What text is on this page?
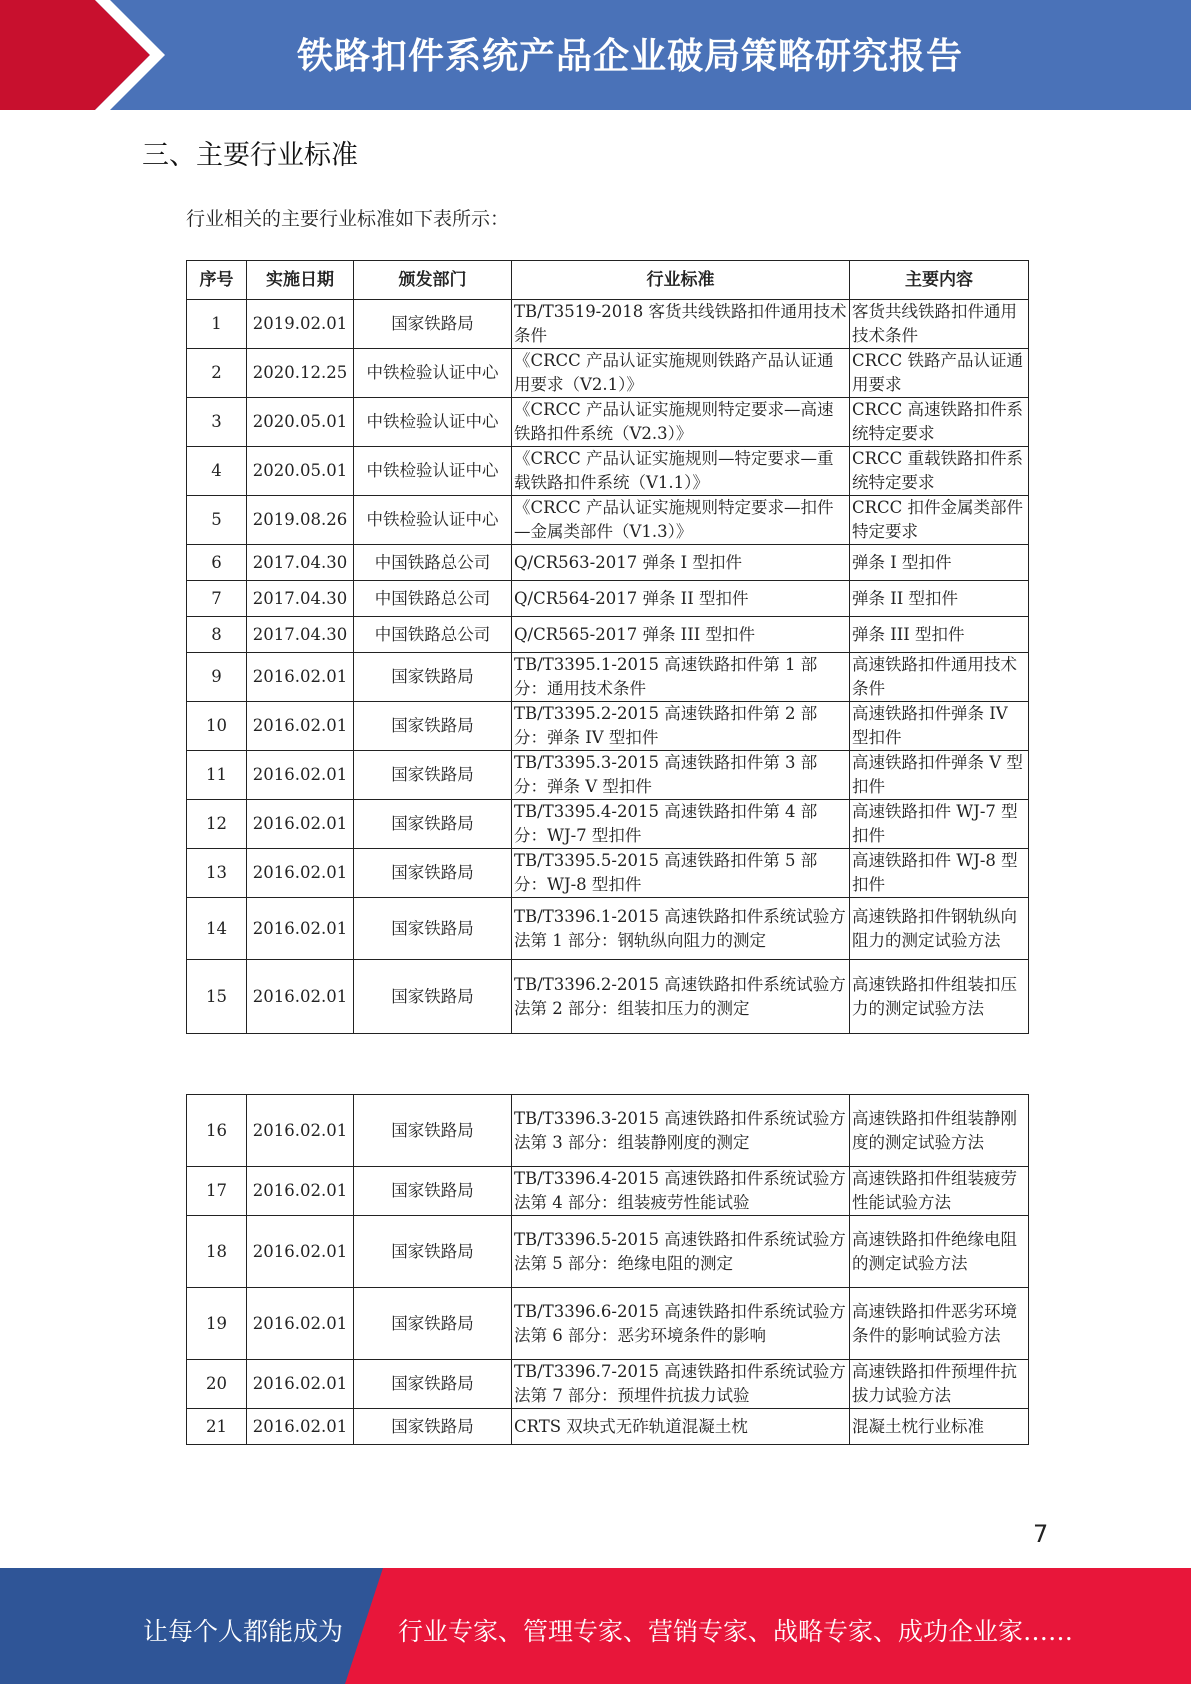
铁路扣件系统产品企业破局策略研究报告
三、主要行业标准
行业相关的主要行业标准如下表所示：
序号	实施日期	颁发部门	行业标准	主要内容
1	2019.02.01	国家铁路局	TB/T3519-2018 客货共线铁路扣件通用技术条件	客货共线铁路扣件通用技术条件
2	2020.12.25	中铁检验认证中心	《CRCC 产品认证实施规则铁路产品认证通用要求（V2.1）》	CRCC 铁路产品认证通用要求
3	2020.05.01	中铁检验认证中心	《CRCC 产品认证实施规则特定要求—高速铁路扣件系统（V2.3）》	CRCC 高速铁路扣件系统特定要求
4	2020.05.01	中铁检验认证中心	《CRCC 产品认证实施规则—特定要求—重载铁路扣件系统（V1.1）》	CRCC 重载铁路扣件系统特定要求
5	2019.08.26	中铁检验认证中心	《CRCC 产品认证实施规则特定要求—扣件—金属类部件（V1.3）》	CRCC 扣件金属类部件特定要求
6	2017.04.30	中国铁路总公司	Q/CR563-2017 弹条 I 型扣件	弹条 I 型扣件
7	2017.04.30	中国铁路总公司	Q/CR564-2017 弹条 II 型扣件	弹条 II 型扣件
8	2017.04.30	中国铁路总公司	Q/CR565-2017 弹条 III 型扣件	弹条 III 型扣件
9	2016.02.01	国家铁路局	TB/T3395.1-2015 高速铁路扣件第 1 部分：通用技术条件	高速铁路扣件通用技术条件
10	2016.02.01	国家铁路局	TB/T3395.2-2015 高速铁路扣件第 2 部分：弹条 IV 型扣件	高速铁路扣件弹条 IV 型扣件
11	2016.02.01	国家铁路局	TB/T3395.3-2015 高速铁路扣件第 3 部分：弹条 V 型扣件	高速铁路扣件弹条 V 型扣件
12	2016.02.01	国家铁路局	TB/T3395.4-2015 高速铁路扣件第 4 部分：WJ-7 型扣件	高速铁路扣件 WJ-7 型扣件
13	2016.02.01	国家铁路局	TB/T3395.5-2015 高速铁路扣件第 5 部分：WJ-8 型扣件	高速铁路扣件 WJ-8 型扣件
14	2016.02.01	国家铁路局	TB/T3396.1-2015 高速铁路扣件系统试验方法第 1 部分：钢轨纵向阻力的测定	高速铁路扣件钢轨纵向阻力的测定试验方法
15	2016.02.01	国家铁路局	TB/T3396.2-2015 高速铁路扣件系统试验方法第 2 部分：组装扣压力的测定	高速铁路扣件组装扣压力的测定试验方法
16	2016.02.01	国家铁路局	TB/T3396.3-2015 高速铁路扣件系统试验方法第 3 部分：组装静刚度的测定	高速铁路扣件组装静刚度的测定试验方法
17	2016.02.01	国家铁路局	TB/T3396.4-2015 高速铁路扣件系统试验方法第 4 部分：组装疲劳性能试验	高速铁路扣件组装疲劳性能试验方法
18	2016.02.01	国家铁路局	TB/T3396.5-2015 高速铁路扣件系统试验方法第 5 部分：绝缘电阻的测定	高速铁路扣件绝缘电阻的测定试验方法
19	2016.02.01	国家铁路局	TB/T3396.6-2015 高速铁路扣件系统试验方法第 6 部分：恶劣环境条件的影响	高速铁路扣件恶劣环境条件的影响试验方法
20	2016.02.01	国家铁路局	TB/T3396.7-2015 高速铁路扣件系统试验方法第 7 部分：预埋件抗拔力试验	高速铁路扣件预埋件抗拔力试验方法
21	2016.02.01	国家铁路局	CRTS 双块式无砟轨道混凝土枕	混凝土枕行业标准
7
让每个人都能成为 行业专家、管理专家、营销专家、战略专家、成功企业家……
